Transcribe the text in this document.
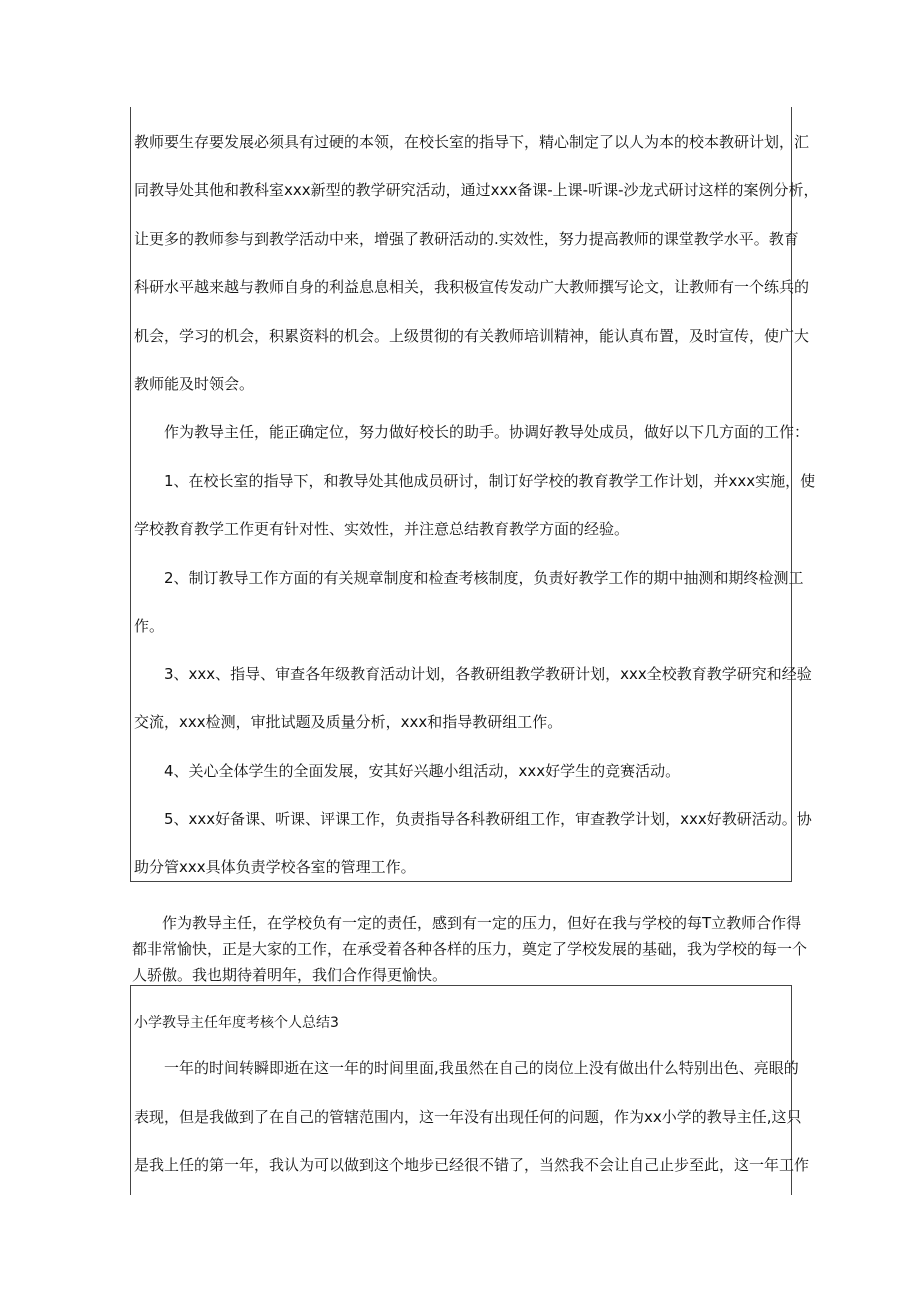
教师要生存要发展必须具有过硬的本领，在校长室的指导下，精心制定了以人为本的校本教研计划，汇
同教导处其他和教科室xxx新型的教学研究活动，通过xxx备课-上课-听课-沙龙式研讨这样的案例分析，
让更多的教师参与到教学活动中来，增强了教研活动的.实效性，努力提高教师的课堂教学水平。教育
科研水平越来越与教师自身的利益息息相关，我积极宣传发动广大教师撰写论文，让教师有一个练兵的
机会，学习的机会，积累资料的机会。上级贯彻的有关教师培训精神，能认真布置，及时宣传，使广大
教师能及时领会。
作为教导主任，能正确定位，努力做好校长的助手。协调好教导处成员，做好以下几方面的工作：
1、在校长室的指导下，和教导处其他成员研讨，制订好学校的教育教学工作计划，并xxx实施，使
学校教育教学工作更有针对性、实效性，并注意总结教育教学方面的经验。
2、制订教导工作方面的有关规章制度和检查考核制度，负责好教学工作的期中抽测和期终检测工
作。
3、xxx、指导、审查各年级教育活动计划，各教研组教学教研计划，xxx全校教育教学研究和经验
交流，xxx检测，审批试题及质量分析，xxx和指导教研组工作。
4、关心全体学生的全面发展，安其好兴趣小组活动，xxx好学生的竞赛活动。
5、xxx好备课、听课、评课工作，负责指导各科教研组工作，审查教学计划，xxx好教研活动。协
助分管xxx具体负责学校各室的管理工作。
作为教导主任，在学校负有一定的责任，感到有一定的压力，但好在我与学校的每T立教师合作得
都非常愉快，正是大家的工作，在承受着各种各样的压力，奠定了学校发展的基础，我为学校的每一个
人骄傲。我也期待着明年，我们合作得更愉快。
小学教导主任年度考核个人总结3
一年的时间转瞬即逝在这一年的时间里面,我虽然在自己的岗位上没有做出什么特别出色、亮眼的
表现，但是我做到了在自己的管辖范围内，这一年没有出现任何的问题，作为xx小学的教导主任,这只
是我上任的第一年，我认为可以做到这个地步已经很不错了，当然我不会让自己止步至此，这一年工作
